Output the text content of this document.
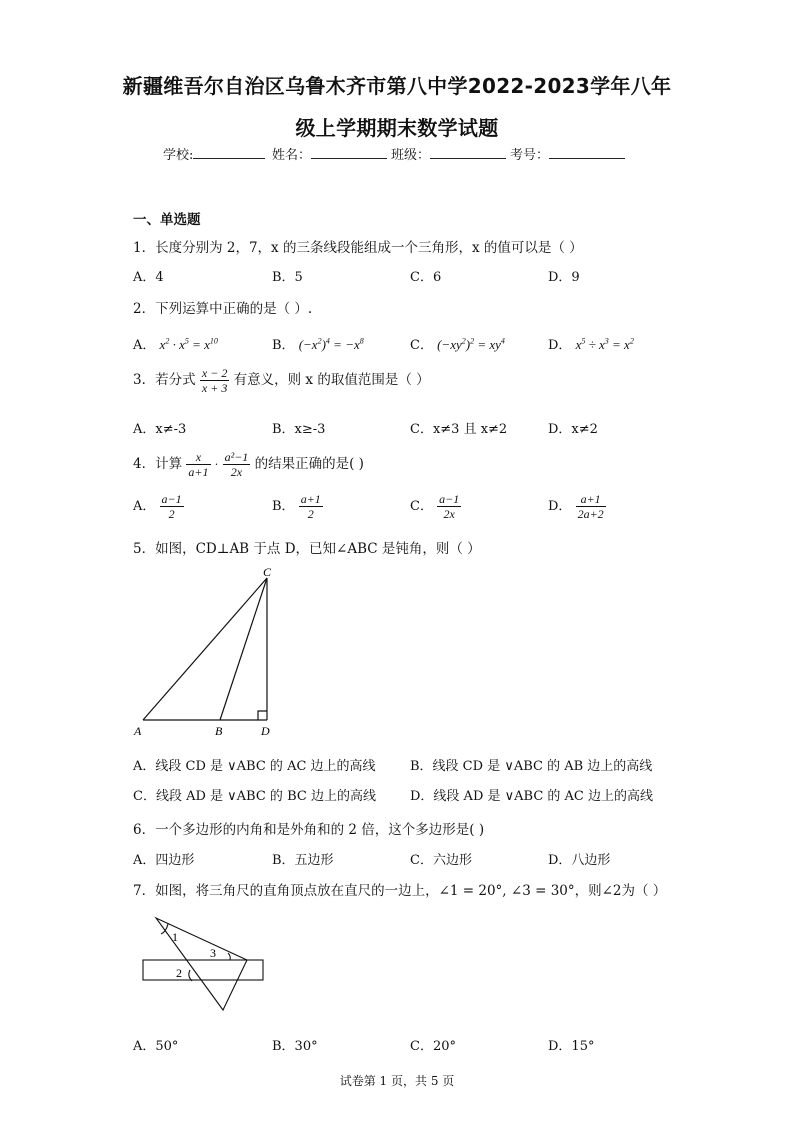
新疆维吾尔自治区乌鲁木齐市第八中学2022-2023学年八年
级上学期期末数学试题
学校:	姓名：	班级：	考号：
一、单选题
1．长度分别为 2，7，x 的三条线段能组成一个三角形，x 的值可以是（ ）
A．4	B．5	C．6	D．9
2．下列运算中正确的是（ ）.
A． $x^2 \cdot x^5 = x^{10}$	B． $(-x^2)^4 = -x^8$	C． $(-xy^2)^2 = xy^4$	D． $x^5 \div x^3 = x^2$
3．若分式 $\frac{x - 2}{x + 3}$ 有意义，则 x 的取值范围是（ ）
A．x≠-3	B．x≥-3	C．x≠3 且 x≠2	D．x≠2
4．计算 $\frac{x}{a+1} \cdot \frac{\text{a²−1}}{2x}$ 的结果正确的是( )
A． $\frac{a-1}{2}$	B． $\frac{a+1}{2}$	C． $\frac{a-1}{2x}$	D． $\frac{a+1}{2a+2}$
5．如图，CD⊥AB 于点 D，已知∠ABC 是钝角，则（ ）
A	B
C
D
A．线段 CD 是 ∨ABC 的 AC 边上的高线	B．线段 CD 是 ∨ABC 的 AB 边上的高线
C．线段 AD 是 ∨ABC 的 BC 边上的高线	D．线段 AD 是 ∨ABC 的 AC 边上的高线
6．一个多边形的内角和是外角和的 2 倍，这个多边形是( )
A．四边形	B．五边形	C．六边形	D．八边形
7．如图，将三角尺的直角顶点放在直尺的一边上，∠1 = 20°, ∠3 = 30°，则∠2为（ ）
1
2
3
A．50°	B．30°	C．20°	D．15°
试卷第 1 页，共 5 页
